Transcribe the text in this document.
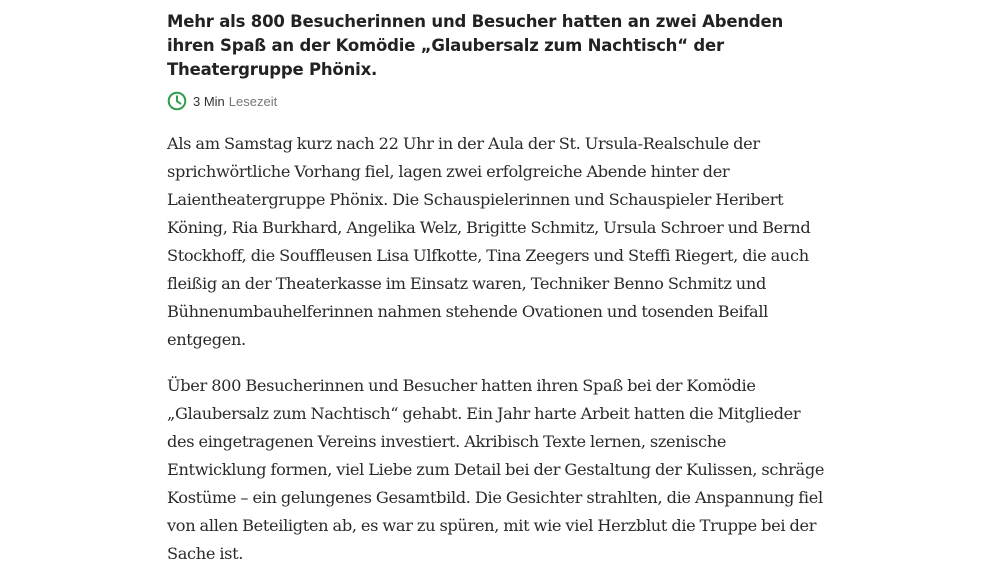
Mehr als 800 Besucherinnen und Besucher hatten an zwei Abenden ihren Spaß an der Komödie „Glaubersalz zum Nachtisch“ der Theatergruppe Phönix.

3 Min Lesezeit

Als am Samstag kurz nach 22 Uhr in der Aula der St. Ursula-Realschule der sprichwörtliche Vorhang fiel, lagen zwei erfolgreiche Abende hinter der Laientheatergruppe Phönix. Die Schauspielerinnen und Schauspieler Heribert Köning, Ria Burkhard, Angelika Welz, Brigitte Schmitz, Ursula Schroer und Bernd Stockhoff, die Souffleusen Lisa Ulfkotte, Tina Zeegers und Steffi Riegert, die auch fleißig an der Theaterkasse im Einsatz waren, Techniker Benno Schmitz und Bühnenumbauhelferinnen nahmen stehende Ovationen und tosenden Beifall entgegen.

Über 800 Besucherinnen und Besucher hatten ihren Spaß bei der Komödie „Glaubersalz zum Nachtisch“ gehabt. Ein Jahr harte Arbeit hatten die Mitglieder des eingetragenen Vereins investiert. Akribisch Texte lernen, szenische Entwicklung formen, viel Liebe zum Detail bei der Gestaltung der Kulissen, schräge Kostüme – ein gelungenes Gesamtbild. Die Gesichter strahlten, die Anspannung fiel von allen Beteiligten ab, es war zu spüren, mit wie viel Herzblut die Truppe bei der Sache ist.
